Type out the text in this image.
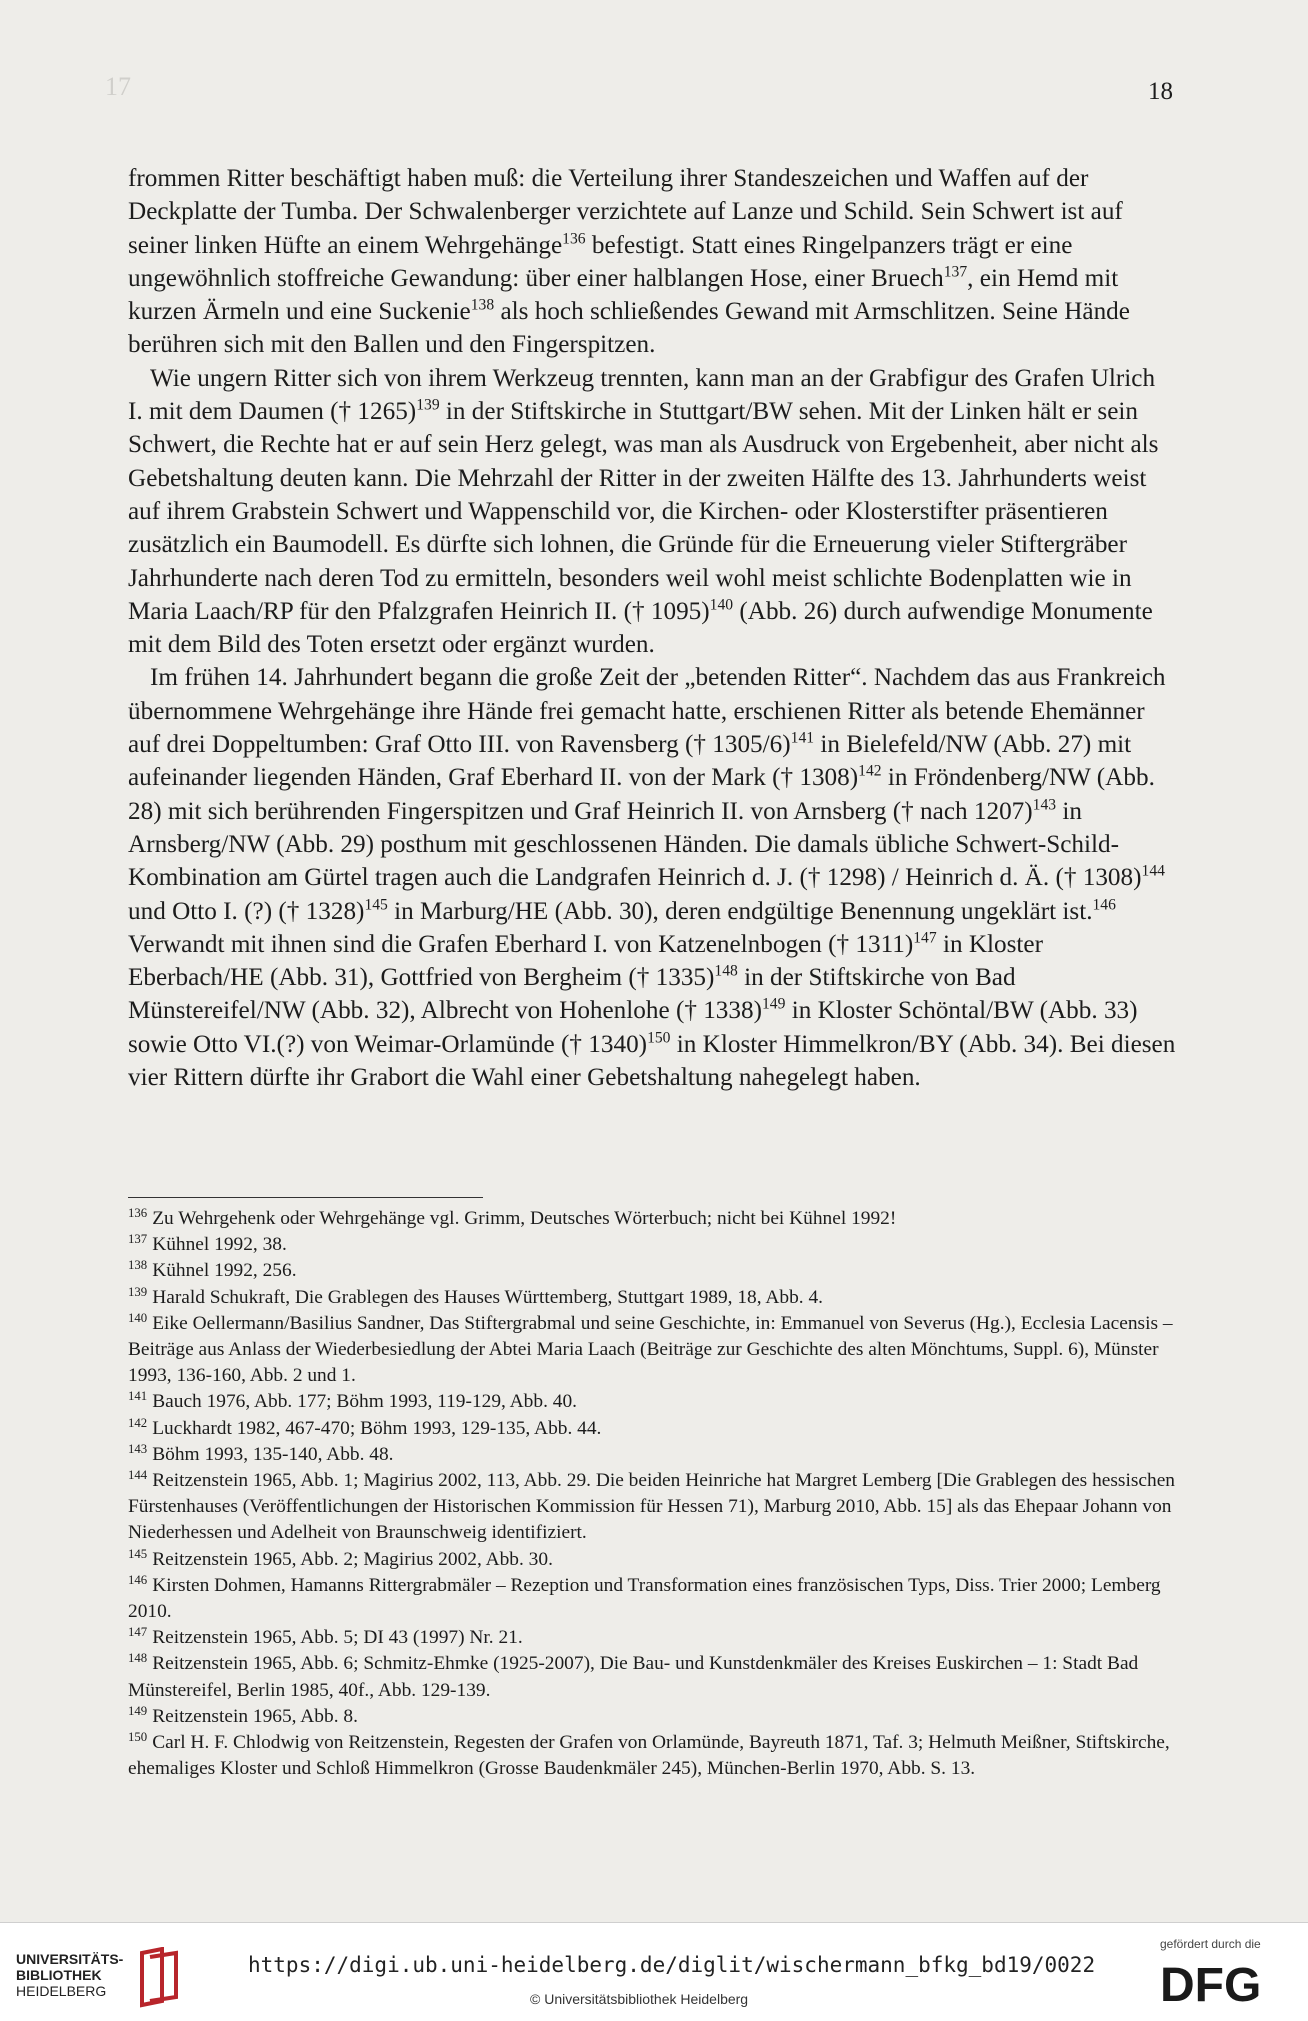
17	18

frommen Ritter beschäftigt haben muß: die Verteilung ihrer Standeszeichen und Waffen auf der Deckplatte der Tumba. Der Schwalenberger verzichtete auf Lanze und Schild. Sein Schwert ist auf seiner linken Hüfte an einem Wehrgehänge$^{136}$ befestigt. Statt eines Ringelpanzers trägt er eine ungewöhnlich stoffreiche Gewandung: über einer halblangen Hose, einer Bruech$^{137}$, ein Hemd mit kurzen Ärmeln und eine Suckenie$^{138}$ als hoch schließendes Gewand mit Armschlitzen. Seine Hände berühren sich mit den Ballen und den Fingerspitzen.

Wie ungern Ritter sich von ihrem Werkzeug trennten, kann man an der Grabfigur des Grafen Ulrich I. mit dem Daumen († 1265)$^{139}$ in der Stiftskirche in Stuttgart/BW sehen. Mit der Linken hält er sein Schwert, die Rechte hat er auf sein Herz gelegt, was man als Ausdruck von Ergebenheit, aber nicht als Gebetshaltung deuten kann. Die Mehrzahl der Ritter in der zweiten Hälfte des 13. Jahrhunderts weist auf ihrem Grabstein Schwert und Wappenschild vor, die Kirchen- oder Klosterstifter präsentieren zusätzlich ein Baumodell. Es dürfte sich lohnen, die Gründe für die Erneuerung vieler Stiftergräber Jahrhunderte nach deren Tod zu ermitteln, besonders weil wohl meist schlichte Bodenplatten wie in Maria Laach/RP für den Pfalzgrafen Heinrich II. († 1095)$^{140}$ (Abb. 26) durch aufwendige Monumente mit dem Bild des Toten ersetzt oder ergänzt wurden.

Im frühen 14. Jahrhundert begann die große Zeit der „betenden Ritter“. Nachdem das aus Frankreich übernommene Wehrgehänge ihre Hände frei gemacht hatte, erschienen Ritter als betende Ehemänner auf drei Doppeltumben: Graf Otto III. von Ravensberg († 1305/6)$^{141}$ in Bielefeld/NW (Abb. 27) mit aufeinander liegenden Händen, Graf Eberhard II. von der Mark († 1308)$^{142}$ in Fröndenberg/NW (Abb. 28) mit sich berührenden Fingerspitzen und Graf Heinrich II. von Arnsberg († nach 1207)$^{143}$ in Arnsberg/NW (Abb. 29) posthum mit geschlossenen Händen. Die damals übliche Schwert-Schild-Kombination am Gürtel tragen auch die Landgrafen Heinrich d. J. († 1298) / Heinrich d. Ä. († 1308)$^{144}$ und Otto I. (?) († 1328)$^{145}$ in Marburg/HE (Abb. 30), deren endgültige Benennung ungeklärt ist.$^{146}$ Verwandt mit ihnen sind die Grafen Eberhard I. von Katzenelnbogen († 1311)$^{147}$ in Kloster Eberbach/HE (Abb. 31), Gottfried von Bergheim († 1335)$^{148}$ in der Stiftskirche von Bad Münstereifel/NW (Abb. 32), Albrecht von Hohenlohe († 1338)$^{149}$ in Kloster Schöntal/BW (Abb. 33) sowie Otto VI.(?) von Weimar-Orlamünde († 1340)$^{150}$ in Kloster Himmelkron/BY (Abb. 34). Bei diesen vier Rittern dürfte ihr Grabort die Wahl einer Gebetshaltung nahegelegt haben.

$^{136}$ Zu Wehrgehenk oder Wehrgehänge vgl. Grimm, Deutsches Wörterbuch; nicht bei Kühnel 1992!

$^{137}$ Kühnel 1992, 38.

$^{138}$ Kühnel 1992, 256.

$^{139}$ Harald Schukraft, Die Grablegen des Hauses Württemberg, Stuttgart 1989, 18, Abb. 4.

$^{140}$ Eike Oellermann/Basilius Sandner, Das Stiftergrabmal und seine Geschichte, in: Emmanuel von Severus (Hg.), Ecclesia Lacensis – Beiträge aus Anlass der Wiederbesiedlung der Abtei Maria Laach (Beiträge zur Geschichte des alten Mönchtums, Suppl. 6), Münster 1993, 136-160, Abb. 2 und 1.

$^{141}$ Bauch 1976, Abb. 177; Böhm 1993, 119-129, Abb. 40.

$^{142}$ Luckhardt 1982, 467-470; Böhm 1993, 129-135, Abb. 44.

$^{143}$ Böhm 1993, 135-140, Abb. 48.

$^{144}$ Reitzenstein 1965, Abb. 1; Magirius 2002, 113, Abb. 29. Die beiden Heinriche hat Margret Lemberg [Die Grablegen des hessischen Fürstenhauses (Veröffentlichungen der Historischen Kommission für Hessen 71), Marburg 2010, Abb. 15] als das Ehepaar Johann von Niederhessen und Adelheit von Braunschweig identifiziert.

$^{145}$ Reitzenstein 1965, Abb. 2; Magirius 2002, Abb. 30.

$^{146}$ Kirsten Dohmen, Hamanns Rittergrabmäler – Rezeption und Transformation eines französischen Typs, Diss. Trier 2000; Lemberg 2010.

$^{147}$ Reitzenstein 1965, Abb. 5; DI 43 (1997) Nr. 21.

$^{148}$ Reitzenstein 1965, Abb. 6; Schmitz-Ehmke (1925-2007), Die Bau- und Kunstdenkmäler des Kreises Euskirchen – 1: Stadt Bad Münstereifel, Berlin 1985, 40f., Abb. 129-139.

$^{149}$ Reitzenstein 1965, Abb. 8.

$^{150}$ Carl H. F. Chlodwig von Reitzenstein, Regesten der Grafen von Orlamünde, Bayreuth 1871, Taf. 3; Helmuth Meißner, Stiftskirche, ehemaliges Kloster und Schloß Himmelkron (Grosse Baudenkmäler 245), München-Berlin 1970, Abb. S. 13.

UNIVERSITÄTS-
BIBLIOTHEK
HEIDELBERG
https://digi.ub.uni-heidelberg.de/diglit/wischermann_bfkg_bd19/0022
© Universitätsbibliothek Heidelberg
gefördert durch die
DFG
